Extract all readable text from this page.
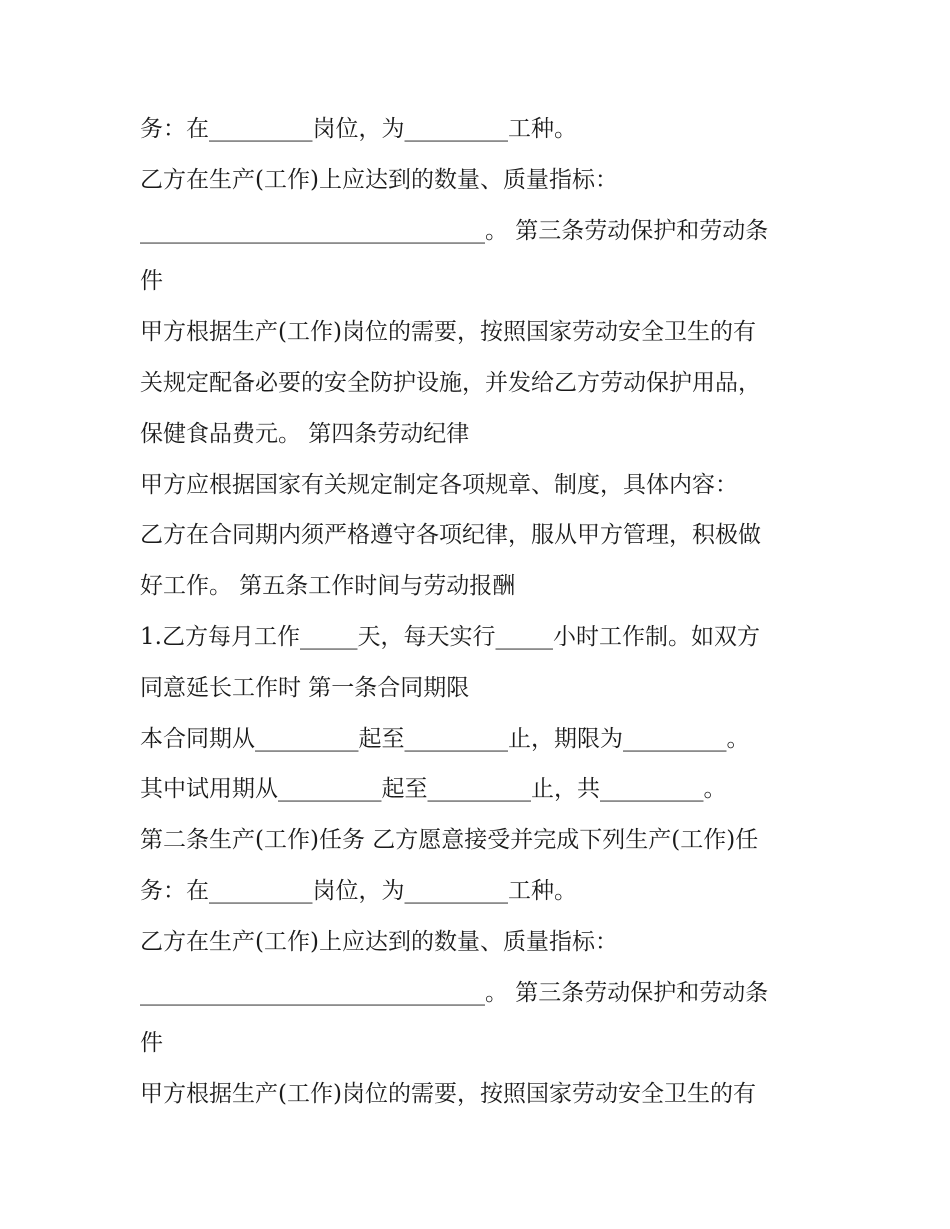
务：在_________岗位，为_________工种。
乙方在生产(工作)上应达到的数量、质量指标：
______________________________。 第三条劳动保护和劳动条
件
甲方根据生产(工作)岗位的需要，按照国家劳动安全卫生的有
关规定配备必要的安全防护设施，并发给乙方劳动保护用品，
保健食品费元。 第四条劳动纪律
甲方应根据国家有关规定制定各项规章、制度，具体内容：
乙方在合同期内须严格遵守各项纪律，服从甲方管理，积极做
好工作。 第五条工作时间与劳动报酬
1.乙方每月工作_____天，每天实行_____小时工作制。如双方
同意延长工作时 第一条合同期限
本合同期从_________起至_________止，期限为_________。
其中试用期从_________起至_________止，共_________。
第二条生产(工作)任务 乙方愿意接受并完成下列生产(工作)任
务：在_________岗位，为_________工种。
乙方在生产(工作)上应达到的数量、质量指标：
______________________________。 第三条劳动保护和劳动条
件
甲方根据生产(工作)岗位的需要，按照国家劳动安全卫生的有
